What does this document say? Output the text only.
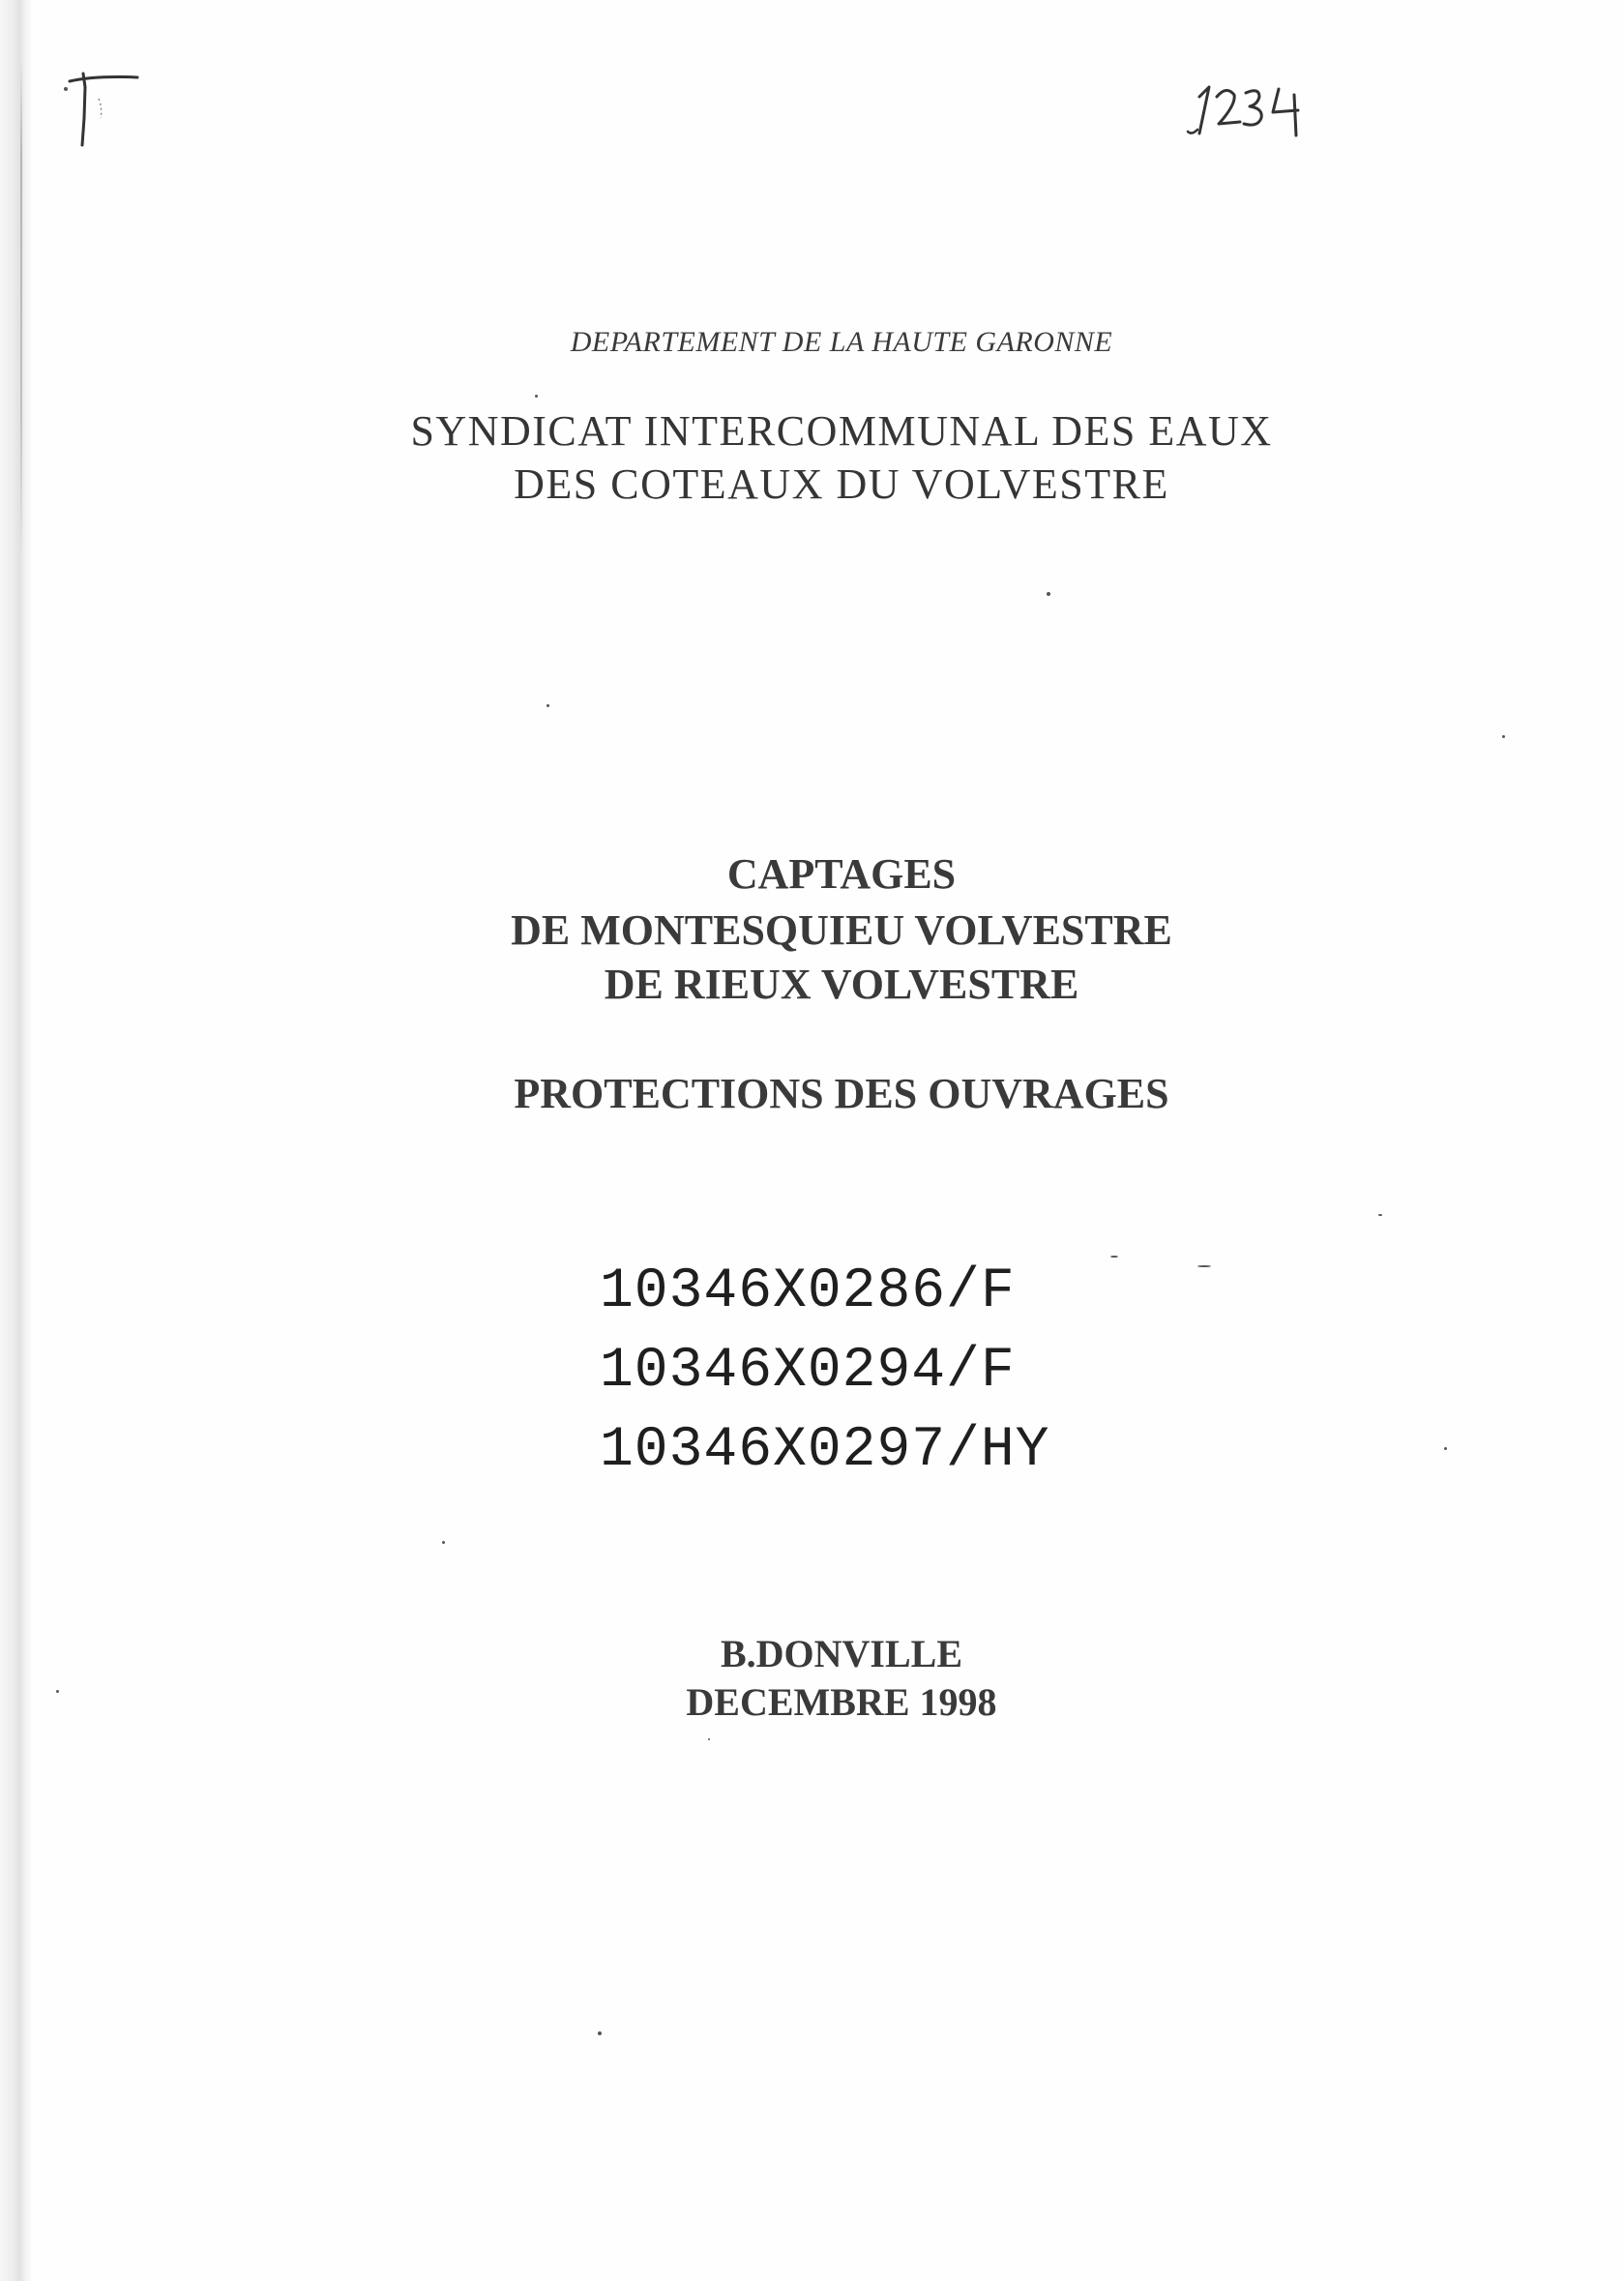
DEPARTEMENT DE LA HAUTE GARONNE
SYNDICAT INTERCOMMUNAL DES EAUX
DES COTEAUX DU VOLVESTRE
CAPTAGES
DE MONTESQUIEU VOLVESTRE
DE RIEUX VOLVESTRE
PROTECTIONS DES OUVRAGES
10346X0286/F
10346X0294/F
10346X0297/HY
B.DONVILLE
DECEMBRE 1998
